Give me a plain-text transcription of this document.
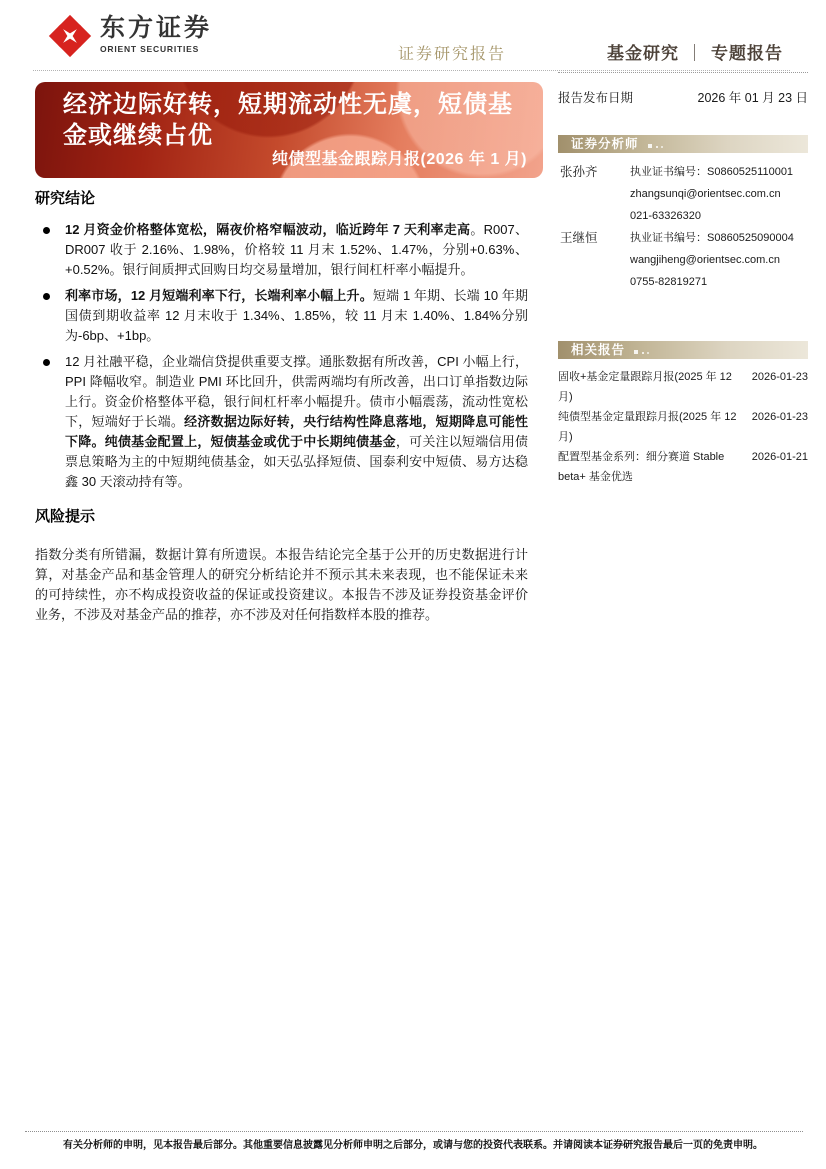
东方证券
ORIENT SECURITIES	证券研究报告	基金研究 ｜ 专题报告
经济边际好转，短期流动性无虞，短债基金或继续占优
纯债型基金跟踪月报(2026 年 1 月)
研究结论
12 月资金价格整体宽松，隔夜价格窄幅波动，临近跨年 7 天利率走高。R007、DR007 收于 2.16%、1.98%，价格较 11 月末 1.52%、1.47%，分别+0.63%、+0.52%。银行间质押式回购日均交易量增加，银行间杠杆率小幅提升。
利率市场，12 月短端利率下行，长端利率小幅上升。短端 1 年期、长端 10 年期国债到期收益率 12 月末收于 1.34%、1.85%，较 11 月末 1.40%、1.84%分别为-6bp、+1bp。
12 月社融平稳，企业端信贷提供重要支撑。通胀数据有所改善，CPI 小幅上行，PPI 降幅收窄。制造业 PMI 环比回升，供需两端均有所改善，出口订单指数边际上行。资金价格整体平稳，银行间杠杆率小幅提升。债市小幅震荡，流动性宽松下，短端好于长端。经济数据边际好转，央行结构性降息落地，短期降息可能性下降。纯债基金配置上，短债基金或优于中长期纯债基金，可关注以短端信用债票息策略为主的中短期纯债基金，如天弘弘择短债、国泰利安中短债、易方达稳鑫 30 天滚动持有等。
风险提示
指数分类有所错漏，数据计算有所遗误。本报告结论完全基于公开的历史数据进行计算，对基金产品和基金管理人的研究分析结论并不预示其未来表现，也不能保证未来的可持续性，亦不构成投资收益的保证或投资建议。本报告不涉及证券投资基金评价业务，不涉及对基金产品的推荐，亦不涉及对任何指数样本股的推荐。
报告发布日期	2026 年 01 月 23 日
证券分析师
张孙齐	执业证书编号：S0860525110001
zhangsunqi@orientsec.com.cn
021-63326320
王继恒	执业证书编号：S0860525090004
wangjiheng@orientsec.com.cn
0755-82819271
相关报告
固收+基金定量跟踪月报(2025 年 12 月)
2026-01-23
纯债型基金定量跟踪月报(2025 年 12 月)
2026-01-23
配置型基金系列：细分赛道 Stable beta+ 基金优选
2026-01-21
有关分析师的申明，见本报告最后部分。其他重要信息披露见分析师申明之后部分，或请与您的投资代表联系。并请阅读本证券研究报告最后一页的免责申明。
